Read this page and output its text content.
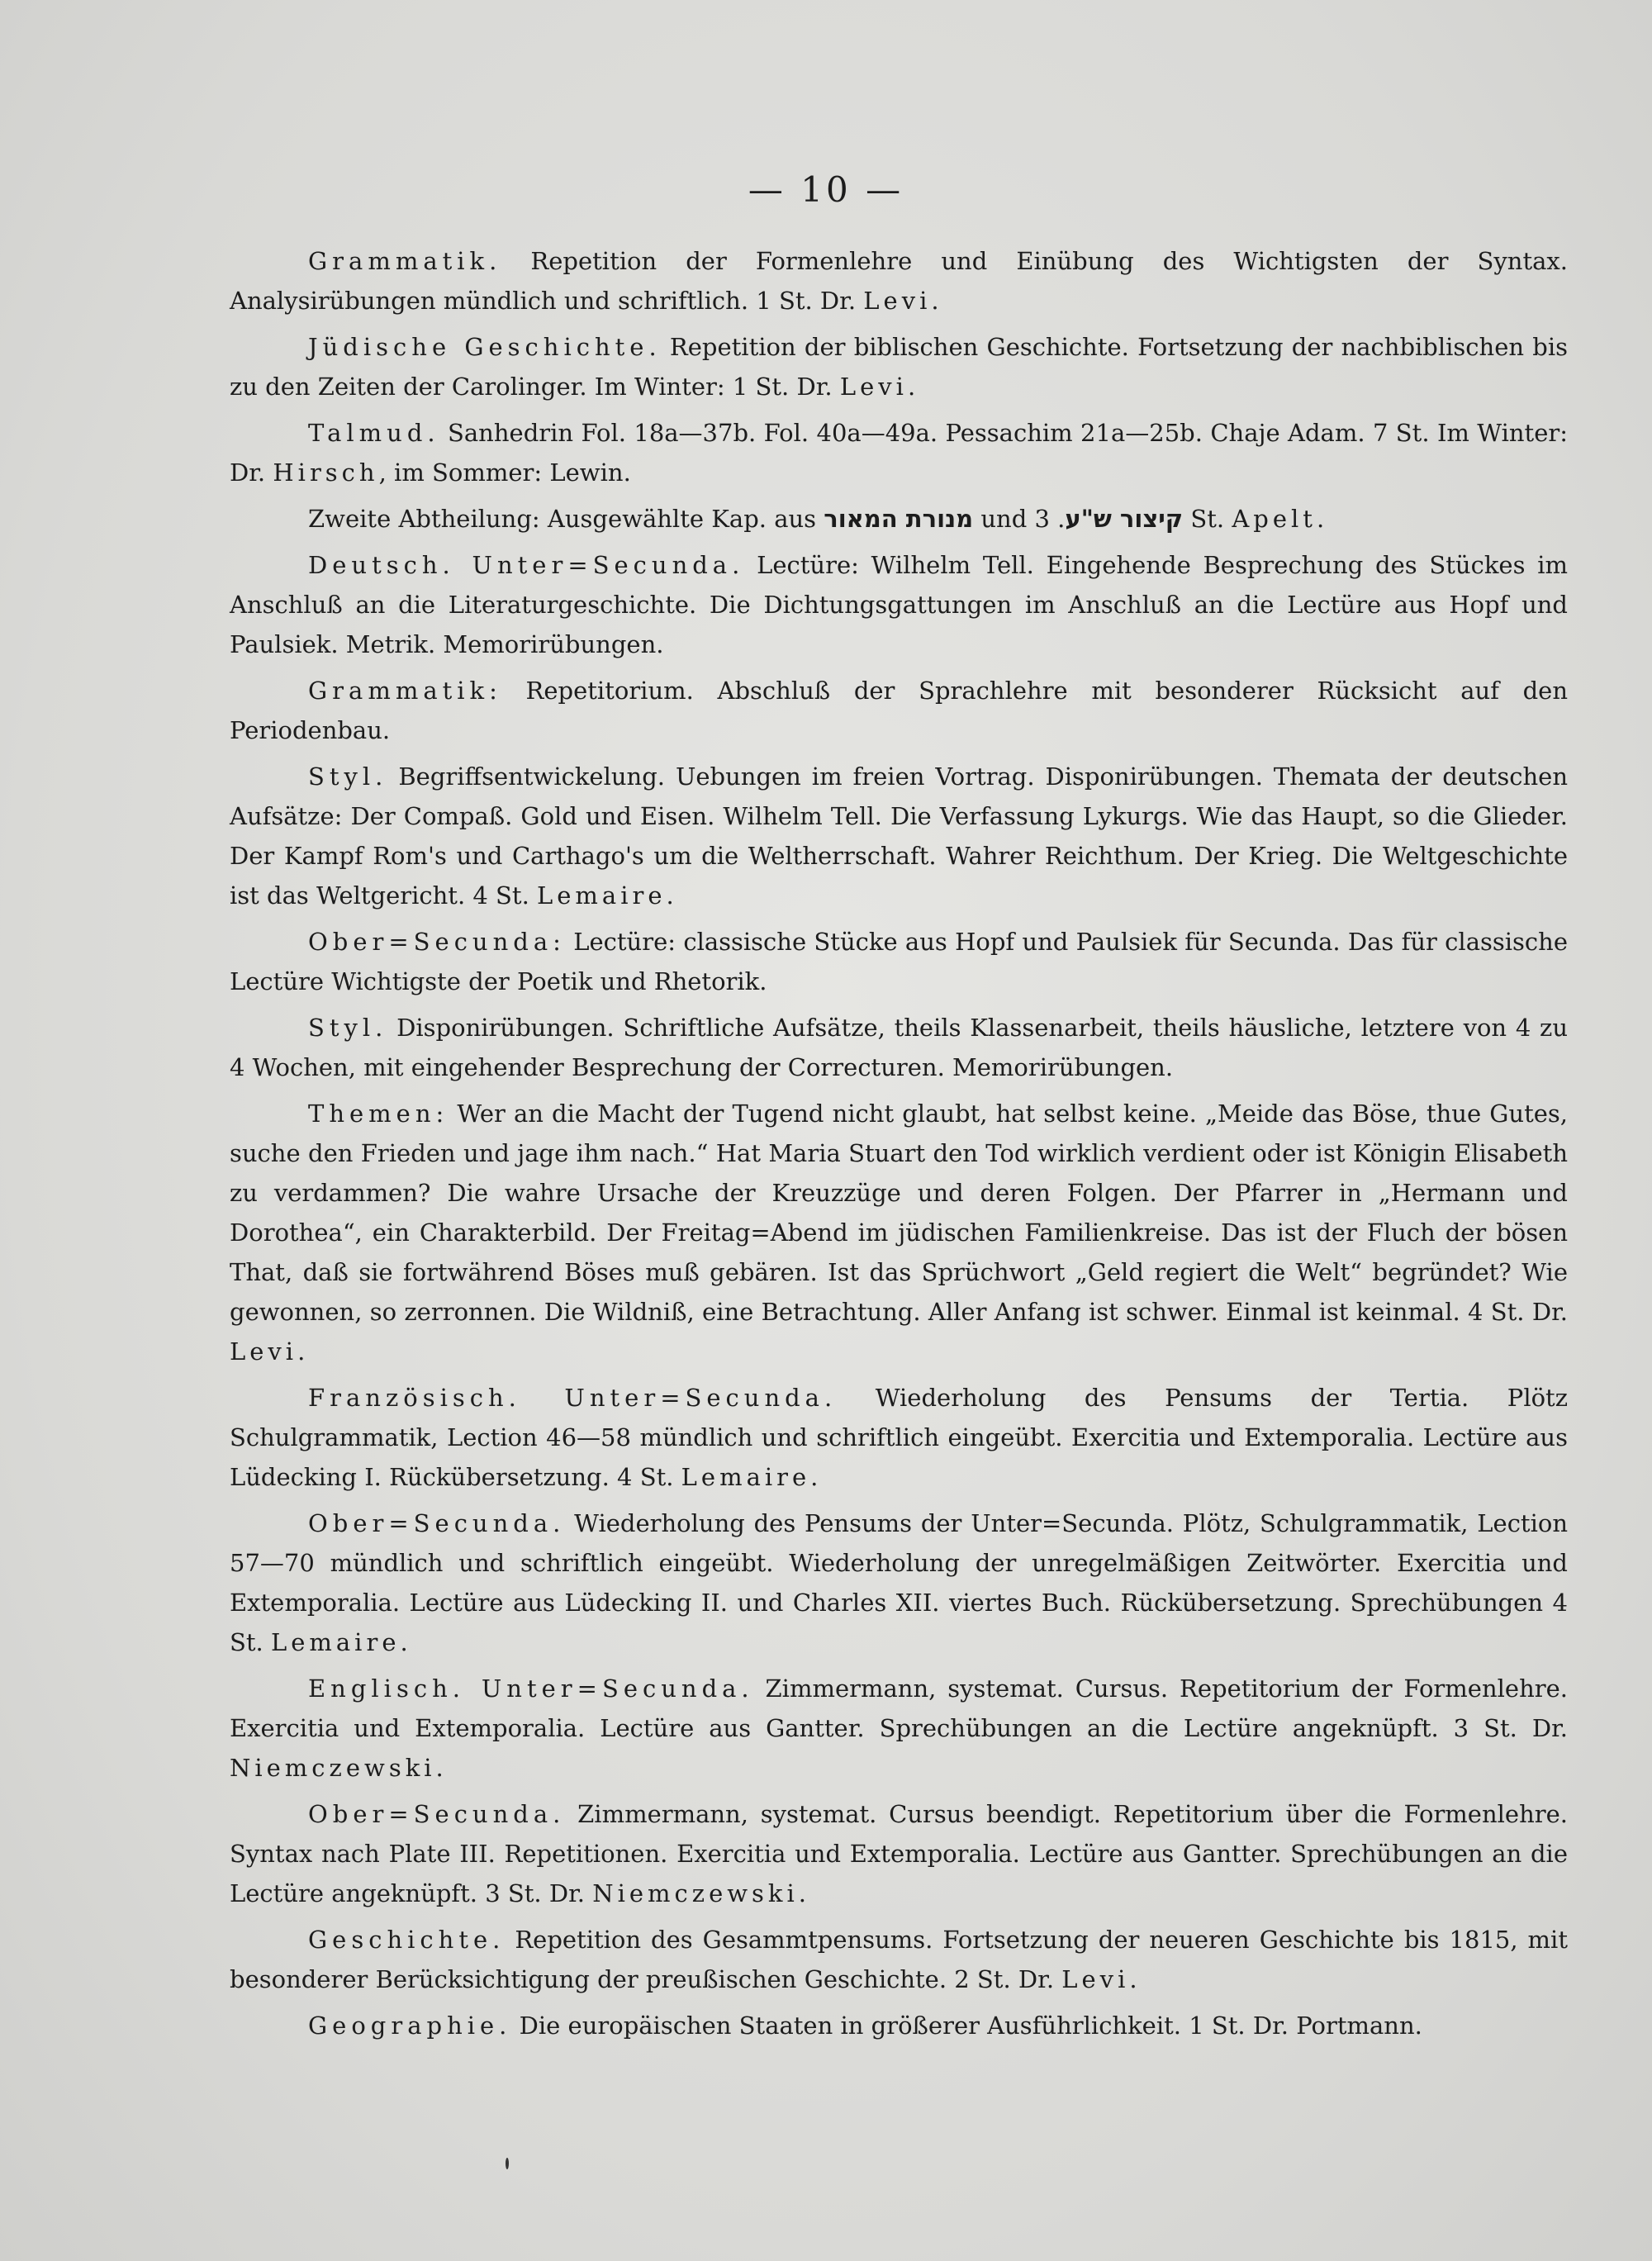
— 10 —

Grammatik. Repetition der Formenlehre und Einübung des Wichtigsten der Syntax. Analysirübungen mündlich und schriftlich. 1 St. Dr. Levi.

Jüdische Geschichte. Repetition der biblischen Geschichte. Fortsetzung der nachbiblischen bis zu den Zeiten der Carolinger. Im Winter: 1 St. Dr. Levi.

Talmud. Sanhedrin Fol. 18a—37b. Fol. 40a—49a. Pessachim 21a—25b. Chaje Adam. 7 St. Im Winter: Dr. Hirsch, im Sommer: Lewin.

Zweite Abtheilung: Ausgewählte Kap. aus מנורת המאור und קיצור ש"ע. 3 St. Apelt.

Deutsch. Unter=Secunda. Lectüre: Wilhelm Tell. Eingehende Besprechung des Stückes im Anschluß an die Literaturgeschichte. Die Dichtungsgattungen im Anschluß an die Lectüre aus Hopf und Paulsiek. Metrik. Memorirübungen.

Grammatik: Repetitorium. Abschluß der Sprachlehre mit besonderer Rücksicht auf den Periodenbau.

Styl. Begriffsentwickelung. Uebungen im freien Vortrag. Disponirübungen. Themata der deutschen Aufsätze: Der Compaß. Gold und Eisen. Wilhelm Tell. Die Verfassung Lykurgs. Wie das Haupt, so die Glieder. Der Kampf Rom's und Carthago's um die Weltherrschaft. Wahrer Reichthum. Der Krieg. Die Weltgeschichte ist das Weltgericht. 4 St. Lemaire.

Ober=Secunda: Lectüre: classische Stücke aus Hopf und Paulsiek für Secunda. Das für classische Lectüre Wichtigste der Poetik und Rhetorik.

Styl. Disponirübungen. Schriftliche Aufsätze, theils Klassenarbeit, theils häusliche, letztere von 4 zu 4 Wochen, mit eingehender Besprechung der Correcturen. Memorirübungen.

Themen: Wer an die Macht der Tugend nicht glaubt, hat selbst keine. „Meide das Böse, thue Gutes, suche den Frieden und jage ihm nach.“ Hat Maria Stuart den Tod wirklich verdient oder ist Königin Elisabeth zu verdammen? Die wahre Ursache der Kreuzzüge und deren Folgen. Der Pfarrer in „Hermann und Dorothea“, ein Charakterbild. Der Freitag=Abend im jüdischen Familienkreise. Das ist der Fluch der bösen That, daß sie fortwährend Böses muß gebären. Ist das Sprüchwort „Geld regiert die Welt“ begründet? Wie gewonnen, so zerronnen. Die Wildniß, eine Betrachtung. Aller Anfang ist schwer. Einmal ist keinmal. 4 St. Dr. Levi.

Französisch. Unter=Secunda. Wiederholung des Pensums der Tertia. Plötz Schulgrammatik, Lection 46—58 mündlich und schriftlich eingeübt. Exercitia und Extemporalia. Lectüre aus Lüdecking I. Rückübersetzung. 4 St. Lemaire.

Ober=Secunda. Wiederholung des Pensums der Unter=Secunda. Plötz, Schulgrammatik, Lection 57—70 mündlich und schriftlich eingeübt. Wiederholung der unregelmäßigen Zeitwörter. Exercitia und Extemporalia. Lectüre aus Lüdecking II. und Charles XII. viertes Buch. Rückübersetzung. Sprechübungen 4 St. Lemaire.

Englisch. Unter=Secunda. Zimmermann, systemat. Cursus. Repetitorium der Formenlehre. Exercitia und Extemporalia. Lectüre aus Gantter. Sprechübungen an die Lectüre angeknüpft. 3 St. Dr. Niemczewski.

Ober=Secunda. Zimmermann, systemat. Cursus beendigt. Repetitorium über die Formenlehre. Syntax nach Plate III. Repetitionen. Exercitia und Extemporalia. Lectüre aus Gantter. Sprechübungen an die Lectüre angeknüpft. 3 St. Dr. Niemczewski.

Geschichte. Repetition des Gesammtpensums. Fortsetzung der neueren Geschichte bis 1815, mit besonderer Berücksichtigung der preußischen Geschichte. 2 St. Dr. Levi.

Geographie. Die europäischen Staaten in größerer Ausführlichkeit. 1 St. Dr. Portmann.
